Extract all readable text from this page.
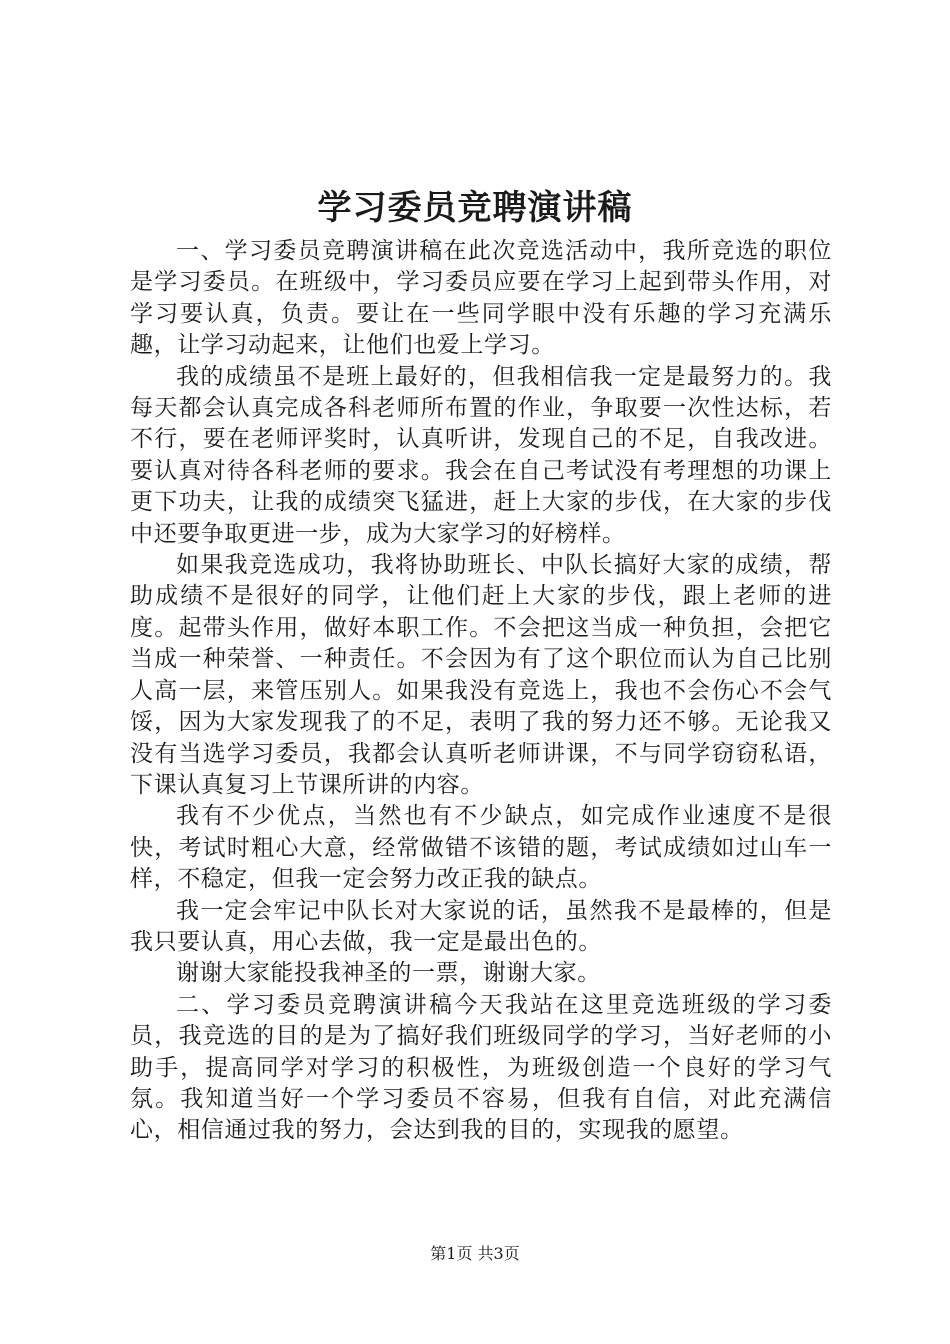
学习委员竞聘演讲稿

一、学习委员竞聘演讲稿在此次竞选活动中，我所竞选的职位是学习委员。在班级中，学习委员应要在学习上起到带头作用，对学习要认真，负责。要让在一些同学眼中没有乐趣的学习充满乐趣，让学习动起来，让他们也爱上学习。

我的成绩虽不是班上最好的，但我相信我一定是最努力的。我每天都会认真完成各科老师所布置的作业，争取要一次性达标，若不行，要在老师评奖时，认真听讲，发现自己的不足，自我改进。要认真对待各科老师的要求。我会在自己考试没有考理想的功课上更下功夫，让我的成绩突飞猛进，赶上大家的步伐，在大家的步伐中还要争取更进一步，成为大家学习的好榜样。

如果我竞选成功，我将协助班长、中队长搞好大家的成绩，帮助成绩不是很好的同学，让他们赶上大家的步伐，跟上老师的进度。起带头作用，做好本职工作。不会把这当成一种负担，会把它当成一种荣誉、一种责任。不会因为有了这个职位而认为自己比别人高一层，来管压别人。如果我没有竞选上，我也不会伤心不会气馁，因为大家发现我了的不足，表明了我的努力还不够。无论我又没有当选学习委员，我都会认真听老师讲课，不与同学窃窃私语，下课认真复习上节课所讲的内容。

我有不少优点，当然也有不少缺点，如完成作业速度不是很快，考试时粗心大意，经常做错不该错的题，考试成绩如过山车一样，不稳定，但我一定会努力改正我的缺点。

我一定会牢记中队长对大家说的话，虽然我不是最棒的，但是我只要认真，用心去做，我一定是最出色的。

谢谢大家能投我神圣的一票，谢谢大家。

二、学习委员竞聘演讲稿今天我站在这里竞选班级的学习委员，我竞选的目的是为了搞好我们班级同学的学习，当好老师的小助手，提高同学对学习的积极性，为班级创造一个良好的学习气氛。我知道当好一个学习委员不容易，但我有自信，对此充满信心，相信通过我的努力，会达到我的目的，实现我的愿望。

第1页 共3页
